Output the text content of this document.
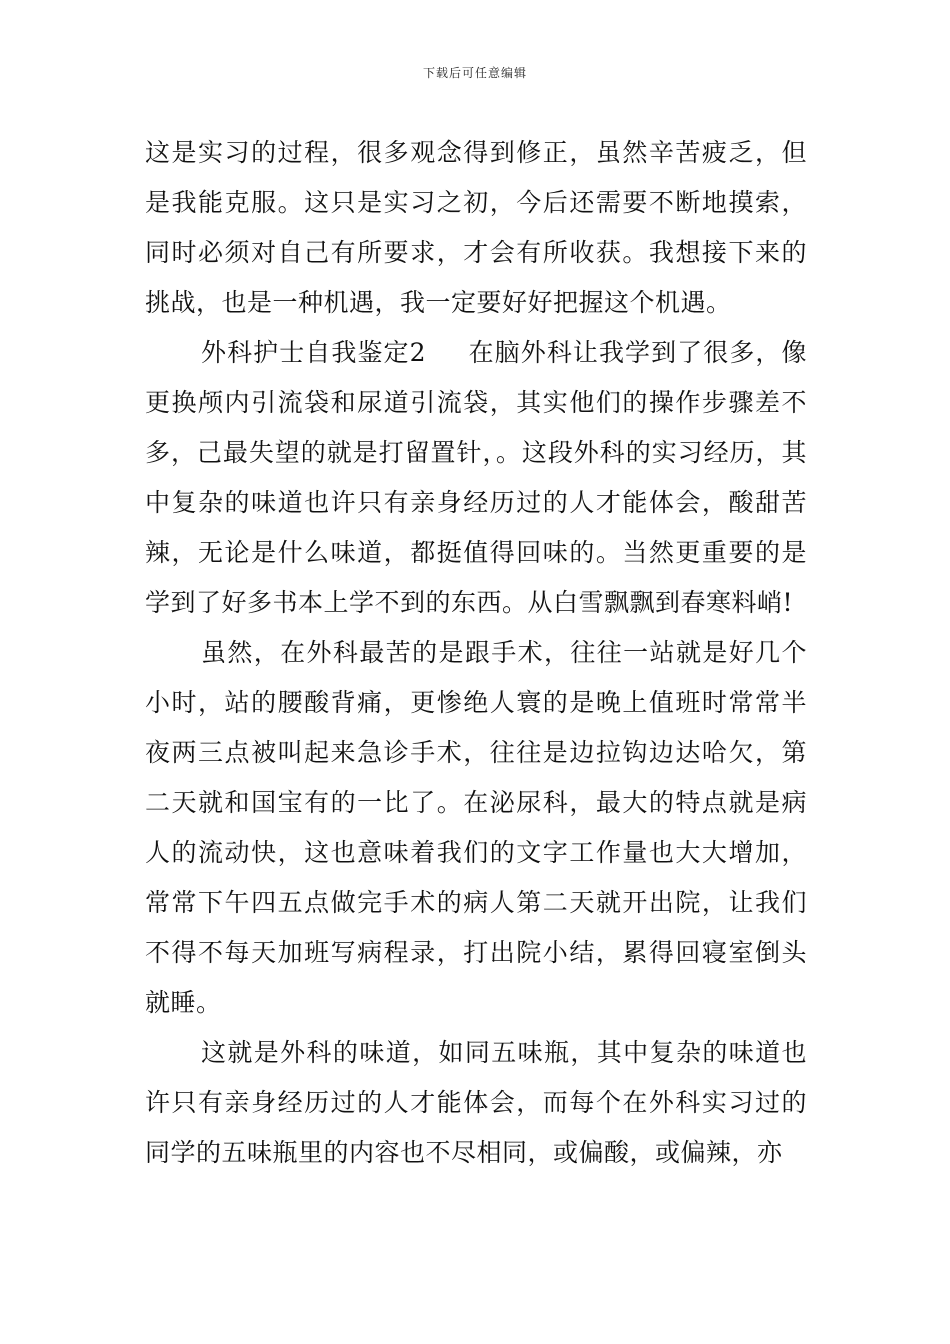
下载后可任意编辑

这是实习的过程，很多观念得到修正，虽然辛苦疲乏，但是我能克服。这只是实习之初，今后还需要不断地摸索，同时必须对自己有所要求，才会有所收获。我想接下来的挑战，也是一种机遇，我一定要好好把握这个机遇。

外科护士自我鉴定2 在脑外科让我学到了很多，像更换颅内引流袋和尿道引流袋，其实他们的操作步骤差不多，己最失望的就是打留置针，。这段外科的实习经历，其中复杂的味道也许只有亲身经历过的人才能体会，酸甜苦辣，无论是什么味道，都挺值得回味的。当然更重要的是学到了好多书本上学不到的东西。从白雪飘飘到春寒料峭!

虽然，在外科最苦的是跟手术，往往一站就是好几个小时，站的腰酸背痛，更惨绝人寰的是晚上值班时常常半夜两三点被叫起来急诊手术，往往是边拉钩边达哈欠，第二天就和国宝有的一比了。在泌尿科，最大的特点就是病人的流动快，这也意味着我们的文字工作量也大大增加，常常下午四五点做完手术的病人第二天就开出院，让我们不得不每天加班写病程录，打出院小结，累得回寝室倒头就睡。

这就是外科的味道，如同五味瓶，其中复杂的味道也许只有亲身经历过的人才能体会，而每个在外科实习过的同学的五味瓶里的内容也不尽相同，或偏酸，或偏辣，亦
